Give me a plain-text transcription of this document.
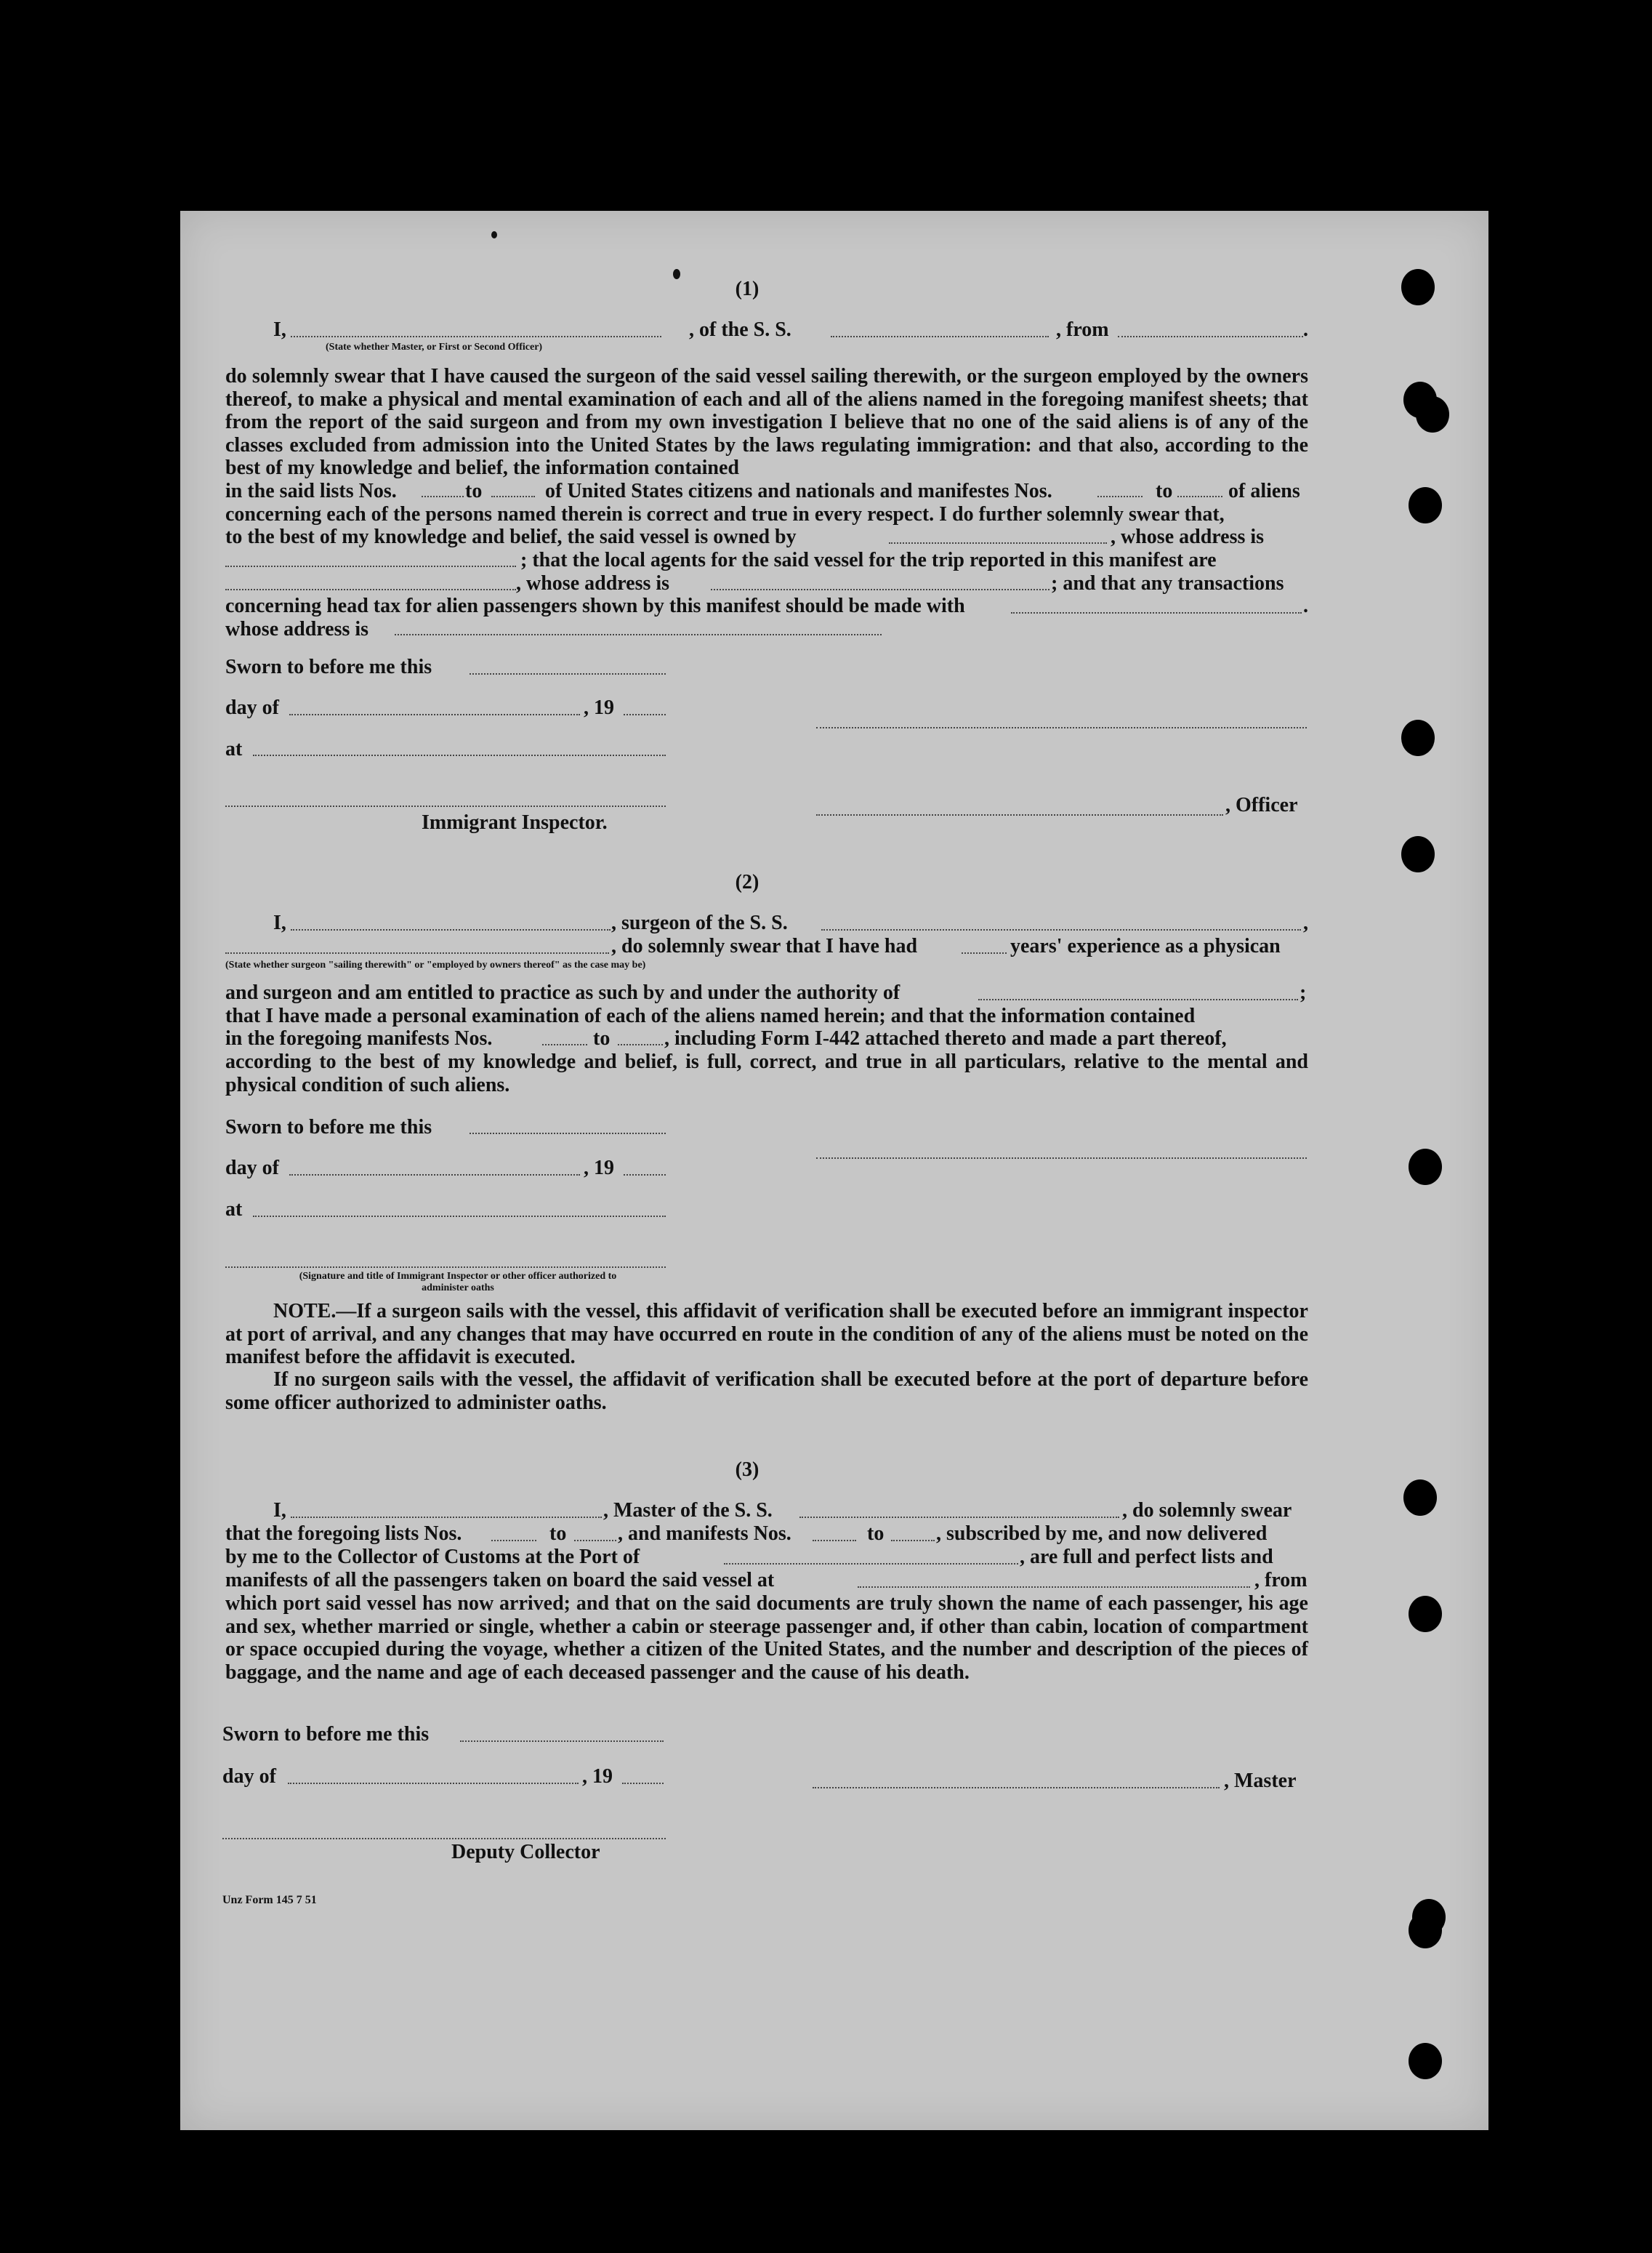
(1)
I,	, of the S. S.	, from	.
(State whether Master, or First or Second Officer)
do solemnly swear that I have caused the surgeon of the said vessel sailing therewith, or the surgeon employed by the owners thereof, to make a physical and mental examination of each and all of the aliens named in the foregoing manifest sheets; that from the report of the said surgeon and from my own investigation I believe that no one of the said aliens is of any of the classes excluded from admission into the United States by the laws regulating immigration: and that also, according to the best of my knowledge and belief, the information contained
in the said lists Nos.	to	of United States citizens and nationals and manifestes Nos.	to	of aliens
concerning each of the persons named therein is correct and true in every respect. I do further solemnly swear that,
to the best of my knowledge and belief, the said vessel is owned by	, whose address is
; that the local agents for the said vessel for the trip reported in this manifest are
, whose address is	; and that any transactions
concerning head tax for alien passengers shown by this manifest should be made with	.
whose address is
Sworn to before me this
day of	, 19
at
, Officer
Immigrant Inspector.
(2)
I,	, surgeon of the S. S.	,
, do solemnly swear that I have had	years' experience as a physican
(State whether surgeon "sailing therewith" or "employed by owners thereof" as the case may be)
and surgeon and am entitled to practice as such by and under the authority of	;
that I have made a personal examination of each of the aliens named herein; and that the information contained
in the foregoing manifests Nos.	to	, including Form I-442 attached thereto and made a part thereof,
according to the best of my knowledge and belief, is full, correct, and true in all particulars, relative to the mental and physical condition of such aliens.
Sworn to before me this
day of	, 19
at
(Signature and title of Immigrant Inspector or other officer authorized to administer oaths
NOTE.—If a surgeon sails with the vessel, this affidavit of verification shall be executed before an immigrant inspector at port of arrival, and any changes that may have occurred en route in the condition of any of the aliens must be noted on the manifest before the affidavit is executed.
If no surgeon sails with the vessel, the affidavit of verification shall be executed before at the port of departure before some officer authorized to administer oaths.
(3)
I,	, Master of the S. S.	, do solemnly swear
that the foregoing lists Nos.	to	, and manifests Nos.	to	, subscribed by me, and now delivered
by me to the Collector of Customs at the Port of	, are full and perfect lists and
manifests of all the passengers taken on board the said vessel at	, from
which port said vessel has now arrived; and that on the said documents are truly shown the name of each passenger, his age and sex, whether married or single, whether a cabin or steerage passenger and, if other than cabin, location of compartment or space occupied during the voyage, whether a citizen of the United States, and the number and description of the pieces of baggage, and the name and age of each deceased passenger and the cause of his death.
Sworn to before me this
day of	, 19	, Master
Deputy Collector
Unz Form 145 7 51
